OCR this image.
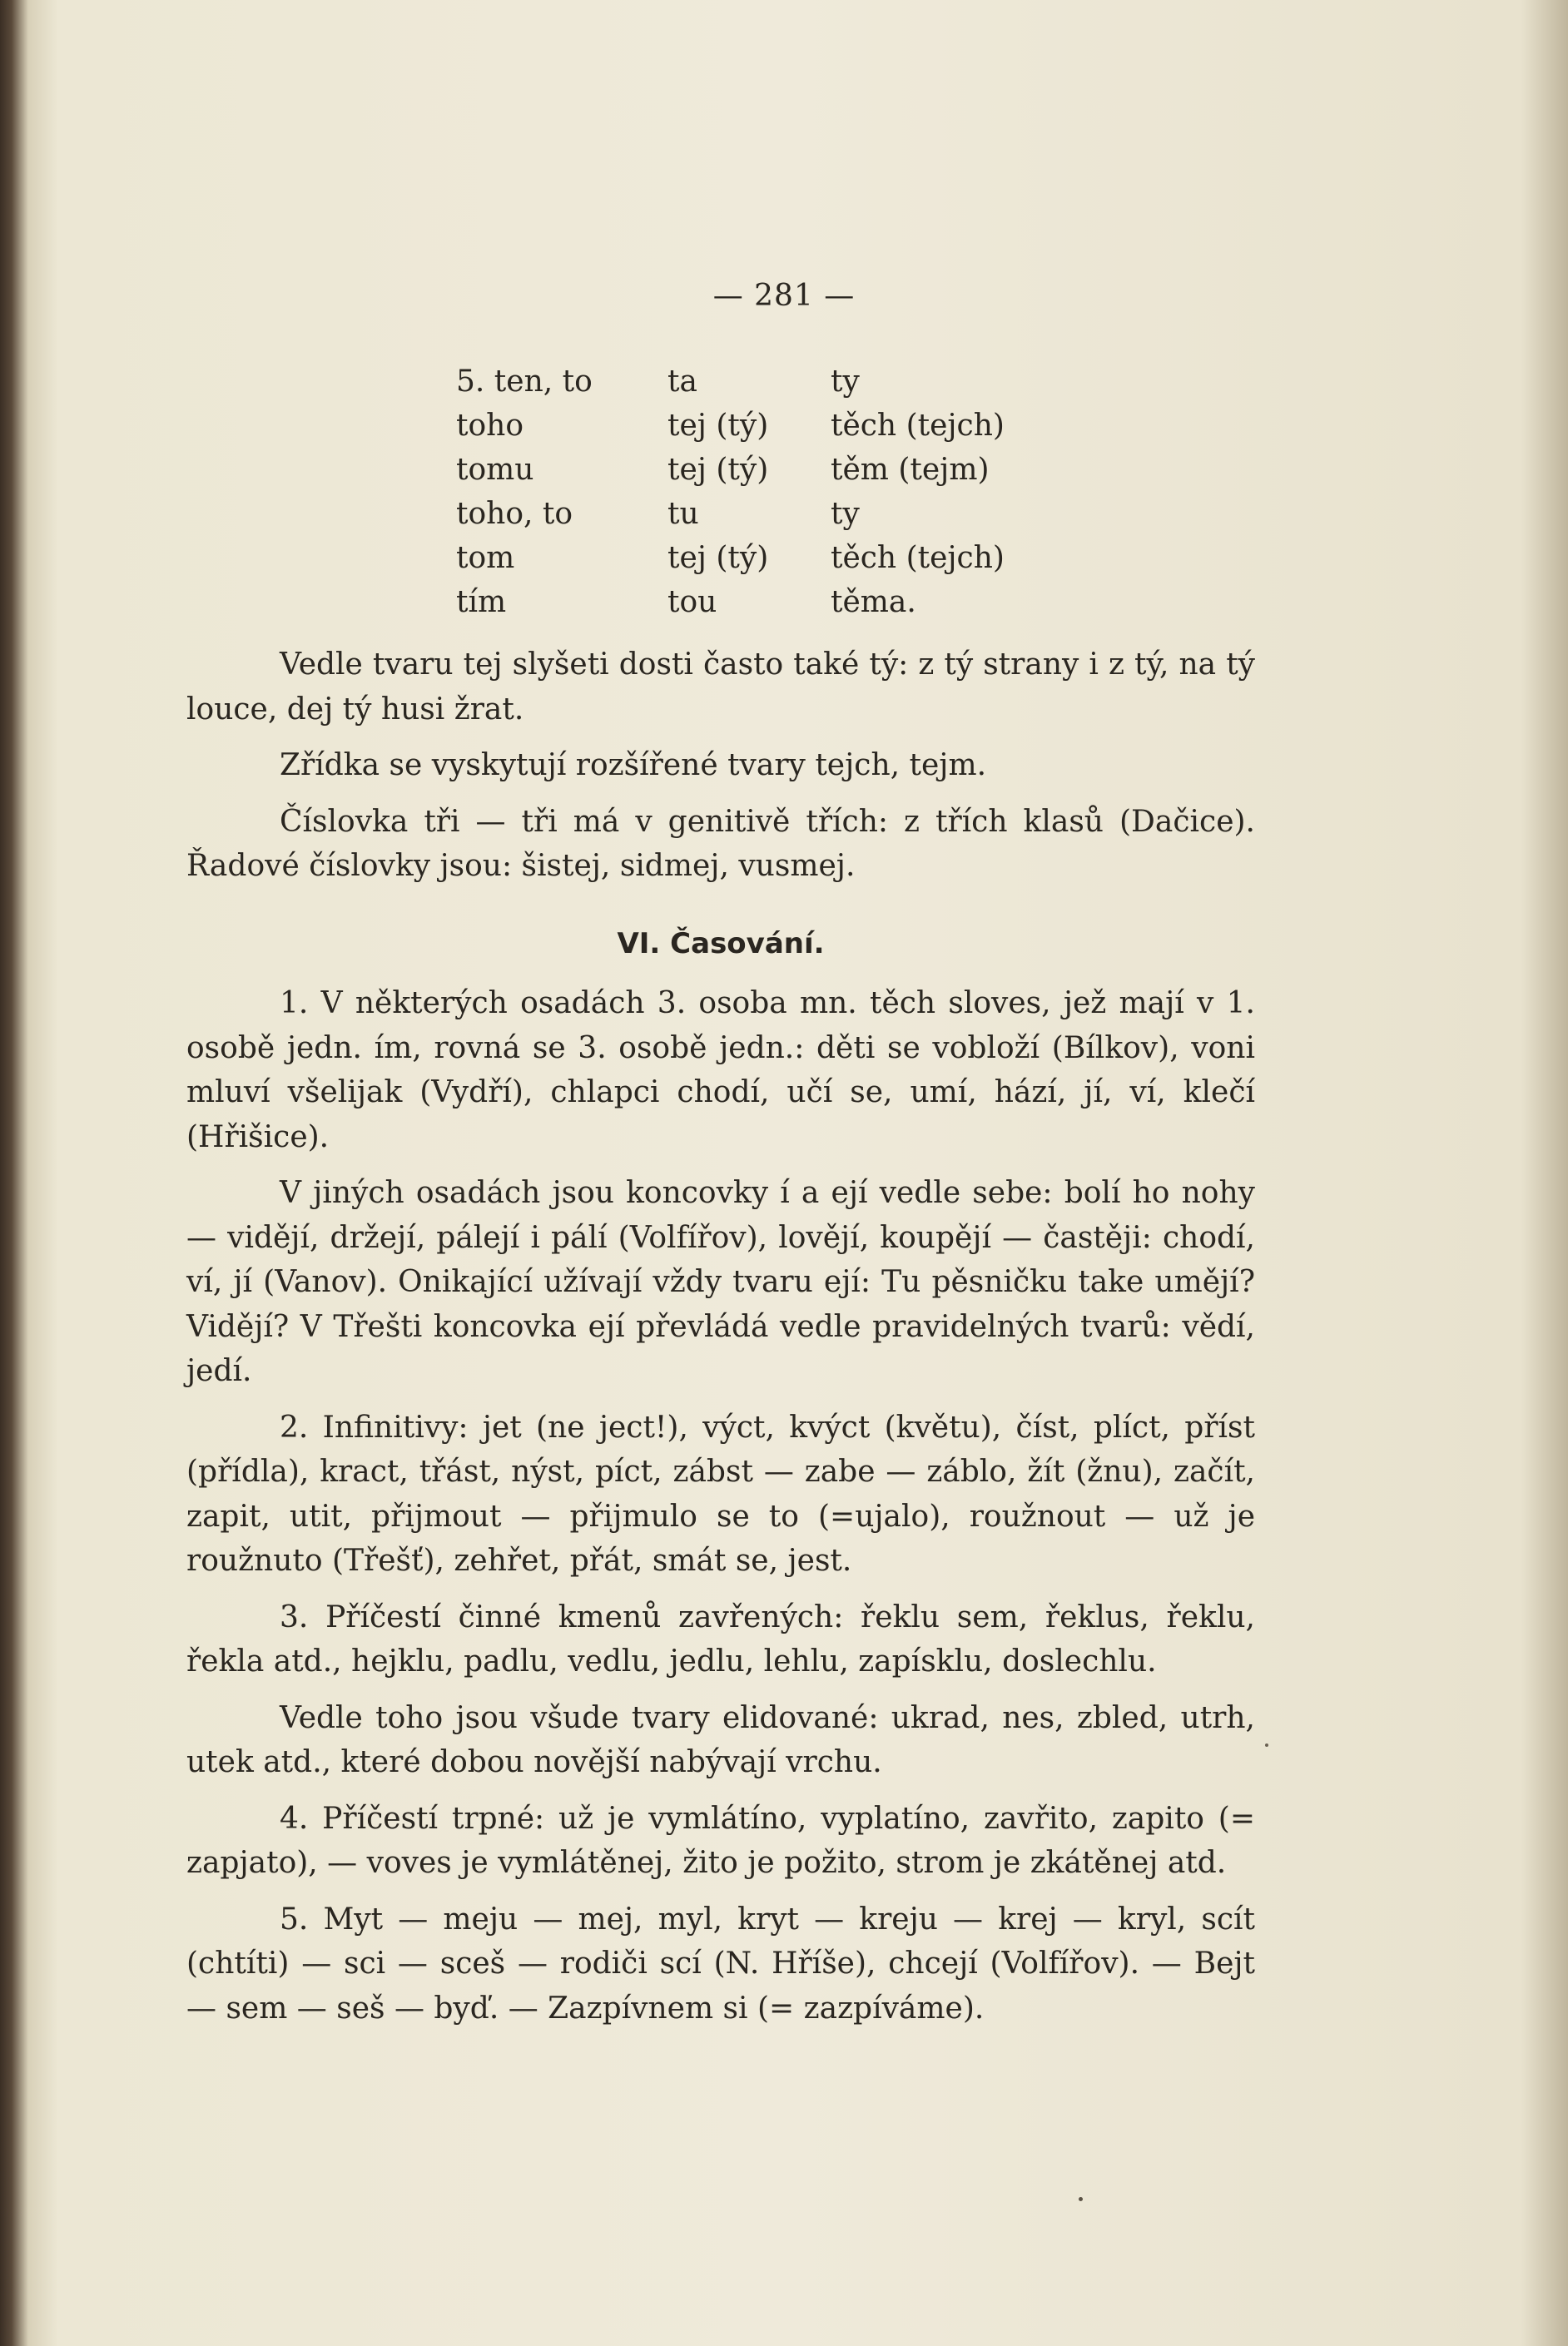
— 281 —
5. ten, to	ta	ty
toho	tej (tý)	těch (tejch)
tomu	tej (tý)	těm (tejm)
toho, to	tu	ty
tom	tej (tý)	těch (tejch)
tím	tou	těma.

Vedle tvaru tej slyšeti dosti často také tý: z tý strany i z tý, na tý louce, dej tý husi žrat.

Zřídka se vyskytují rozšířené tvary tejch, tejm.

Číslovka tři — tři má v genitivě třích: z třích klasů (Dačice). Řadové číslovky jsou: šistej, sidmej, vusmej.

VI. Časování.

1. V některých osadách 3. osoba mn. těch sloves, jež mají v 1. osobě jedn. ím, rovná se 3. osobě jedn.: děti se vobloží (Bílkov), voni mluví všelijak (Vydří), chlapci chodí, učí se, umí, hází, jí, ví, klečí (Hřišice).

V jiných osadách jsou koncovky í a ejí vedle sebe: bolí ho nohy — vidějí, držejí, pálejí i pálí (Volfířov), lovějí, koupějí — častěji: chodí, ví, jí (Vanov). Onikající užívají vždy tvaru ejí: Tu pěsničku take umějí? Vidějí? V Třešti koncovka ejí převládá vedle pravidelných tvarů: vědí, jedí.

2. Infinitivy: jet (ne ject!), výct, kvýct (květu), číst, plíct, příst (přídla), kract, třást, nýst, píct, zábst — zabe — záblo, žít (žnu), začít, zapit, utit, přijmout — přijmulo se to (=ujalo), roužnout — už je roužnuto (Třešť), zehřet, přát, smát se, jest.

3. Příčestí činné kmenů zavřených: řeklu sem, řeklus, řeklu, řekla atd., hejklu, padlu, vedlu, jedlu, lehlu, zapísklu, doslechlu.

Vedle toho jsou všude tvary elidované: ukrad, nes, zbled, utrh, utek atd., které dobou novější nabývají vrchu.

4. Příčestí trpné: už je vymlátíno, vyplatíno, zavřito, zapito (= zapjato), — voves je vymlátěnej, žito je požito, strom je zkátěnej atd.

5. Myt — meju — mej, myl, kryt — kreju — krej — kryl, scít (chtíti) — sci — sceš — rodiči scí (N. Hříše), chcejí (Volfířov). — Bejt — sem — seš — byď. — Zazpívnem si (= zazpíváme).
